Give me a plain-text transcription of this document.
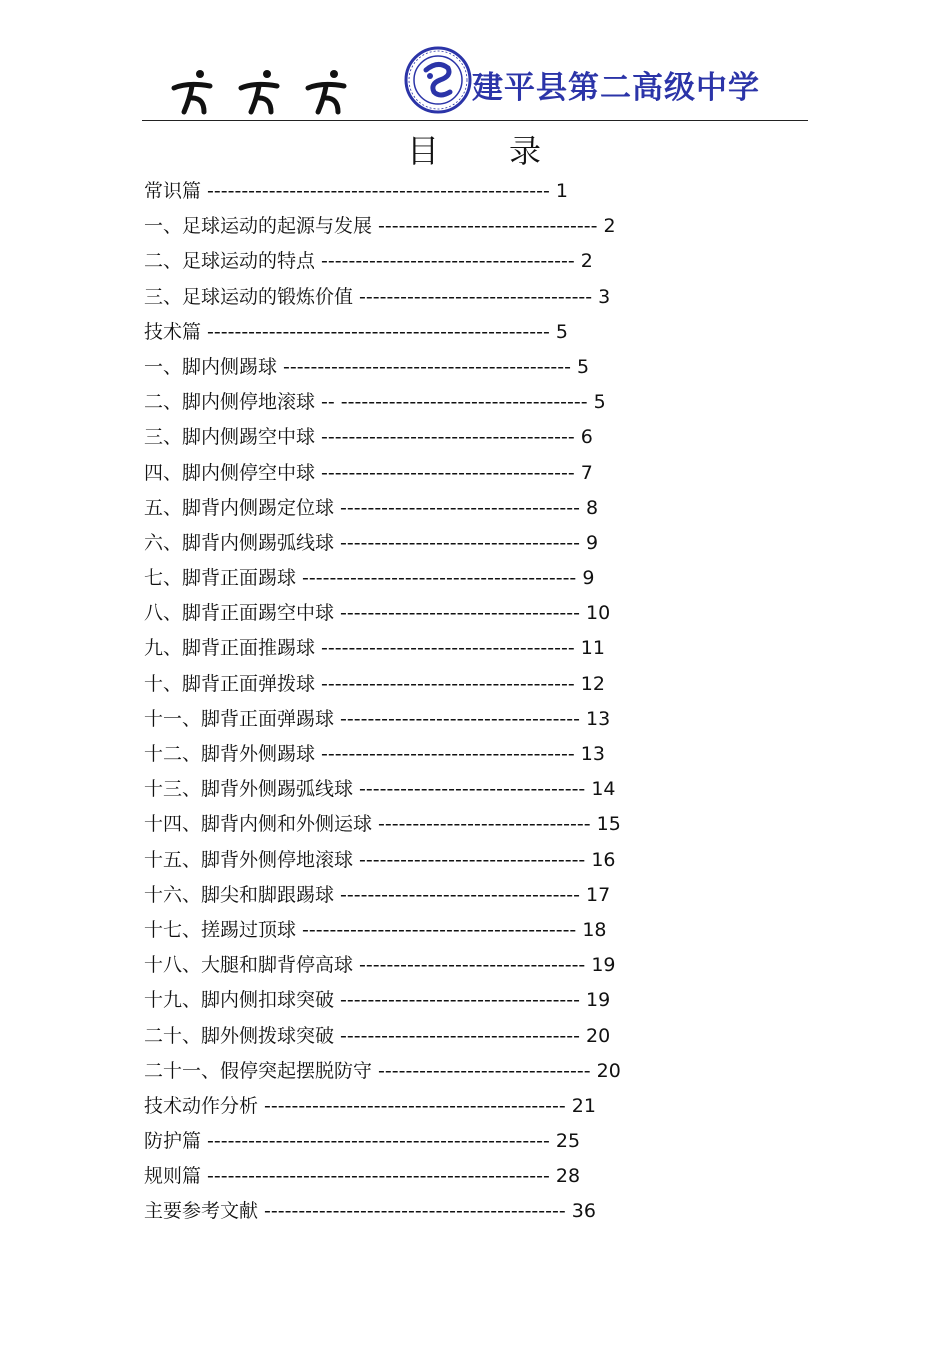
建平县第二高级中学
目 录
常识篇 -------------------------------------------------- 1
一、足球运动的起源与发展 -------------------------------- 2
二、足球运动的特点 ------------------------------------- 2
三、足球运动的锻炼价值 ---------------------------------- 3
技术篇 -------------------------------------------------- 5
一、脚内侧踢球 ------------------------------------------ 5
二、脚内侧停地滚球 -- ------------------------------------ 5
三、脚内侧踢空中球 ------------------------------------- 6
四、脚内侧停空中球 ------------------------------------- 7
五、脚背内侧踢定位球 ----------------------------------- 8
六、脚背内侧踢弧线球 ----------------------------------- 9
七、脚背正面踢球 ---------------------------------------- 9
八、脚背正面踢空中球 ----------------------------------- 10
九、脚背正面推踢球 ------------------------------------- 11
十、脚背正面弹拨球 ------------------------------------- 12
十一、脚背正面弹踢球 ----------------------------------- 13
十二、脚背外侧踢球 ------------------------------------- 13
十三、脚背外侧踢弧线球 --------------------------------- 14
十四、脚背内侧和外侧运球 ------------------------------- 15
十五、脚背外侧停地滚球 --------------------------------- 16
十六、脚尖和脚跟踢球 ----------------------------------- 17
十七、搓踢过顶球 ---------------------------------------- 18
十八、大腿和脚背停高球 --------------------------------- 19
十九、脚内侧扣球突破 ----------------------------------- 19
二十、脚外侧拨球突破 ----------------------------------- 20
二十一、假停突起摆脱防守 ------------------------------- 20
技术动作分析 -------------------------------------------- 21
防护篇 -------------------------------------------------- 25
规则篇 -------------------------------------------------- 28
主要参考文献 -------------------------------------------- 36
